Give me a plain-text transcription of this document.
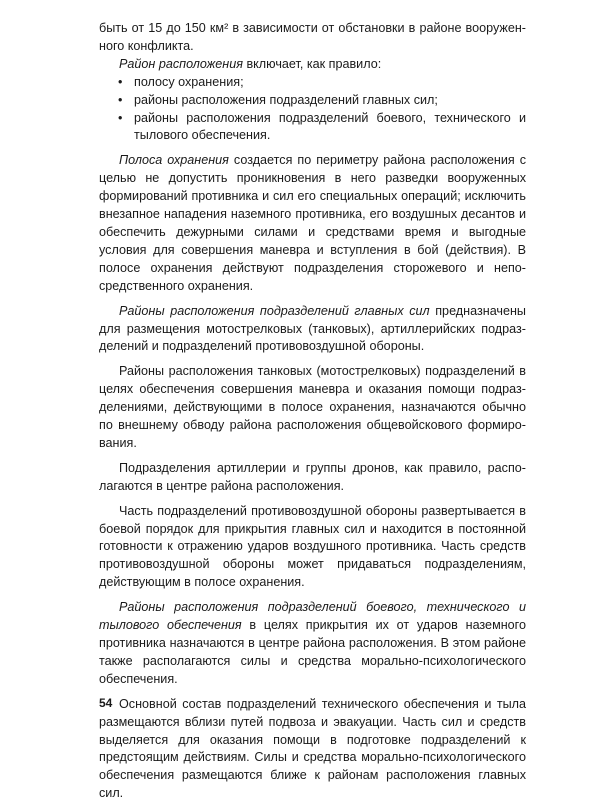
быть от 15 до 150 км² в зависимости от обстановки в районе вооруженного конфликта.

Район расположения включает, как правило:

• полосу охранения;
• районы расположения подразделений главных сил;
• районы расположения подразделений боевого, технического и тылового обеспечения.

Полоса охранения создается по периметру района расположения с целью не допустить проникновения в него разведки вооруженных формирований противника и сил его специальных операций; исключить внезапное нападения наземного противника, его воздушных десантов и обеспечить дежурными силами и средствами время и выгодные условия для совершения маневра и вступления в бой (действия). В полосе охранения действуют подразделения сторожевого и непосредственного охранения.

Районы расположения подразделений главных сил предназначены для размещения мотострелковых (танковых), артиллерийских подразделений и подразделений противовоздушной обороны.

Районы расположения танковых (мотострелковых) подразделений в целях обеспечения совершения маневра и оказания помощи подразделениями, действующими в полосе охранения, назначаются обычно по внешнему обводу района расположения общевойскового формирования.

Подразделения артиллерии и группы дронов, как правило, располагаются в центре района расположения.

Часть подразделений противовоздушной обороны развертывается в боевой порядок для прикрытия главных сил и находится в постоянной готовности к отражению ударов воздушного противника. Часть средств противовоздушной обороны может придаваться подразделениям, действующим в полосе охранения.

Районы расположения подразделений боевого, технического и тылового обеспечения в целях прикрытия их от ударов наземного противника назначаются в центре района расположения. В этом районе также располагаются силы и средства морально-психологического обеспечения.

Основной состав подразделений технического обеспечения и тыла размещаются вблизи путей подвоза и эвакуации. Часть сил и средств выделяется для оказания помощи в подготовке подразделений к предстоящим действиям. Силы и средства морально-психологического обеспечения размещаются ближе к районам расположения главных сил.

54
